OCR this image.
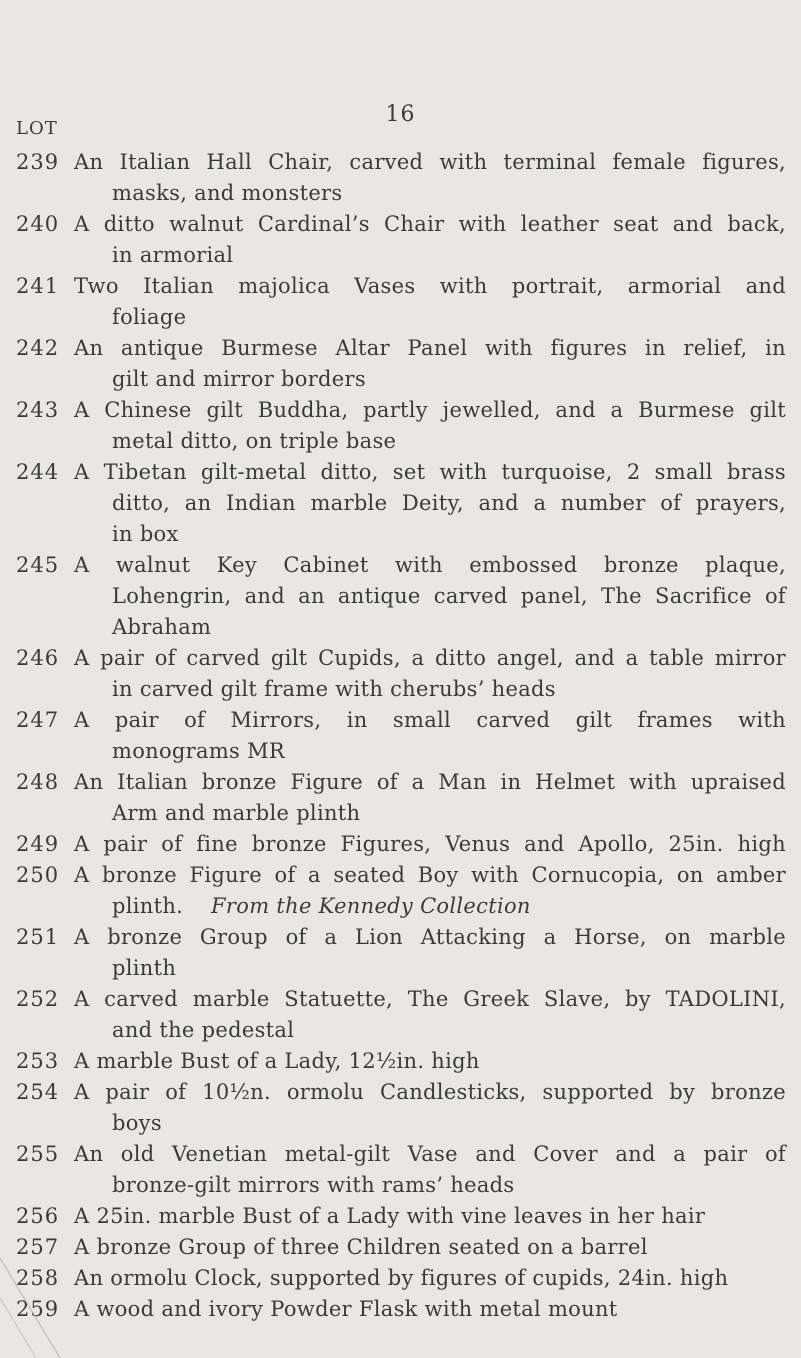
16
LOT
239 An Italian Hall Chair, carved with terminal female figures,
masks, and monsters
240 A ditto walnut Cardinal’s Chair with leather seat and back,
in armorial
241 Two Italian majolica Vases with portrait, armorial and
foliage
242 An antique Burmese Altar Panel with figures in relief, in
gilt and mirror borders
243 A Chinese gilt Buddha, partly jewelled, and a Burmese gilt
metal ditto, on triple base
244 A Tibetan gilt-metal ditto, set with turquoise, 2 small brass
ditto, an Indian marble Deity, and a number of prayers,
in box
245 A walnut Key Cabinet with embossed bronze plaque,
Lohengrin, and an antique carved panel, The Sacrifice of
Abraham
246 A pair of carved gilt Cupids, a ditto angel, and a table mirror
in carved gilt frame with cherubs’ heads
247 A pair of Mirrors, in small carved gilt frames with
monograms MR
248 An Italian bronze Figure of a Man in Helmet with upraised
Arm and marble plinth
249 A pair of fine bronze Figures, Venus and Apollo, 25in. high
250 A bronze Figure of a seated Boy with Cornucopia, on amber
plinth. From the Kennedy Collection
251 A bronze Group of a Lion Attacking a Horse, on marble
plinth
252 A carved marble Statuette, The Greek Slave, by TADOLINI,
and the pedestal
253 A marble Bust of a Lady, 12½in. high
254 A pair of 10½n. ormolu Candlesticks, supported by bronze
boys
255 An old Venetian metal-gilt Vase and Cover and a pair of
bronze-gilt mirrors with rams’ heads
256 A 25in. marble Bust of a Lady with vine leaves in her hair
257 A bronze Group of three Children seated on a barrel
258 An ormolu Clock, supported by figures of cupids, 24in. high
259 A wood and ivory Powder Flask with metal mount
